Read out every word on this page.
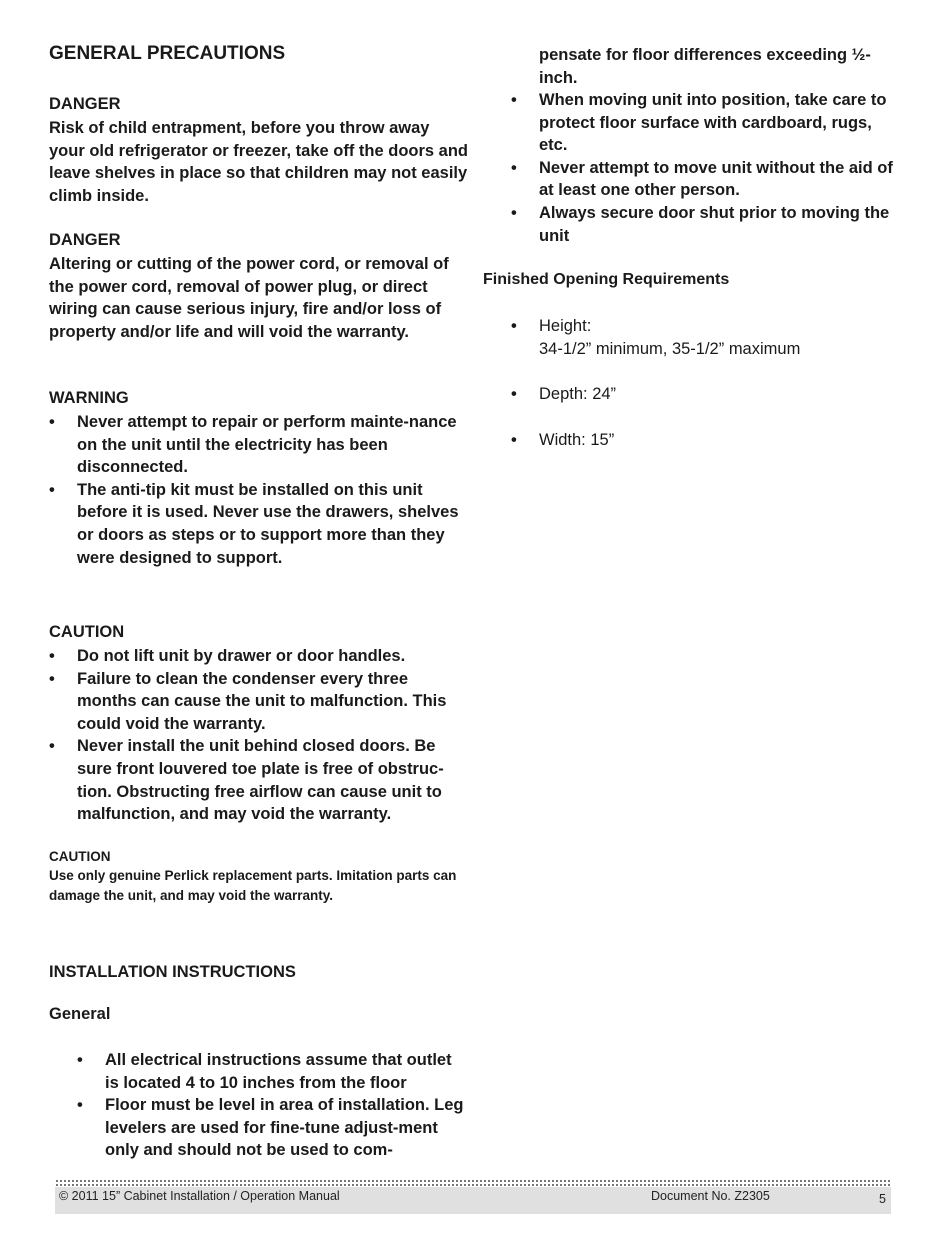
GENERAL PRECAUTIONS
DANGER
Risk of child entrapment, before you throw away your old refrigerator or freezer, take off the doors and leave shelves in place so that children may not easily climb inside.
DANGER
Altering or cutting of the power cord, or removal of the power cord, removal of power plug, or direct wiring can cause serious injury, fire and/or loss of property and/or life and will void the warranty.
WARNING
• Never attempt to repair or perform mainte-nance on the unit until the electricity has been disconnected.
• The anti-tip kit must be installed on this unit before it is used. Never use the drawers, shelves or doors as steps or to support more than they were designed to support.
CAUTION
• Do not lift unit by drawer or door handles.
• Failure to clean the condenser every three months can cause the unit to malfunction. This could void the warranty.
• Never install the unit behind closed doors. Be sure front louvered toe plate is free of obstruc-tion. Obstructing free airflow can cause unit to malfunction, and may void the warranty.
CAUTION
Use only genuine Perlick replacement parts. Imitation parts can damage the unit, and may void the warranty.
INSTALLATION INSTRUCTIONS
General
• All electrical instructions assume that outlet is located 4 to 10 inches from the floor
• Floor must be level in area of installation. Leg levelers are used for fine-tune adjust-ment only and should not be used to com-
pensate for floor differences exceeding ½-inch.
• When moving unit into position, take care to protect floor surface with cardboard, rugs, etc.
• Never attempt to move unit without the aid of at least one other person.
• Always secure door shut prior to moving the unit
Finished Opening Requirements
• Height:
34-1/2” minimum, 35-1/2” maximum
• Depth: 24”
• Width: 15”
© 2011 15” Cabinet Installation / Operation Manual	Document No. Z2305	5
